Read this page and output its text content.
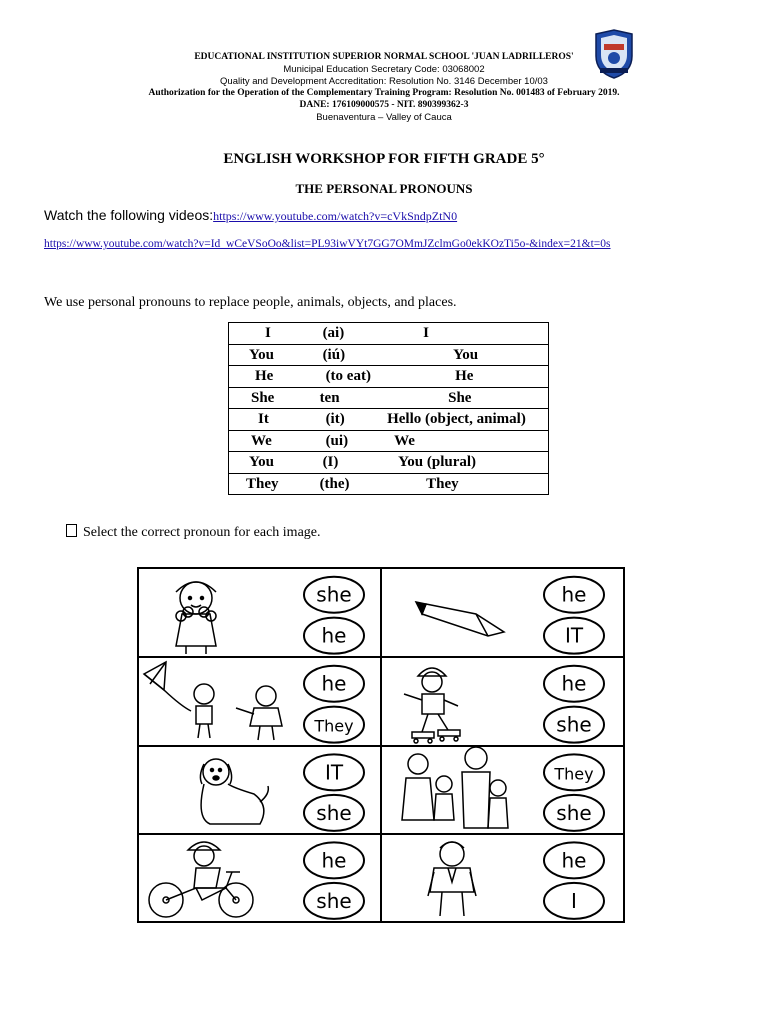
EDUCATIONAL INSTITUTION SUPERIOR NORMAL SCHOOL 'JUAN LADRILLEROS'
Municipal Education Secretary Code: 03068002
Quality and Development Accreditation: Resolution No. 3146 December 10/03
Authorization for the Operation of the Complementary Training Program: Resolution No. 001483 of February 2019.
DANE: 176109000575 - NIT. 890399362-3
Buenaventura – Valley of Cauca
ENGLISH WORKSHOP FOR FIFTH GRADE 5°
THE PERSONAL PRONOUNS
Watch the following videos:https://www.youtube.com/watch?v=cVkSndpZtN0
https://www.youtube.com/watch?v=Id_wCeVSoOo&list=PL93iwVYt7GG7OMmJZclmGo0ekKOzTi5o-&index=21&t=0s
We use personal pronouns to replace people, animals, objects, and places.
I	(ai)	I

You	(iú)	You

He	(to eat)	He

She	ten	She

It	(it)	Hello (object, animal)

We	(ui)	We

You	(I)	You (plural)

They	(the)	They
Select the correct pronoun for each image.
she
he
he
IT
he
They
he
she
IT
she
They
she
he
she
he
I
